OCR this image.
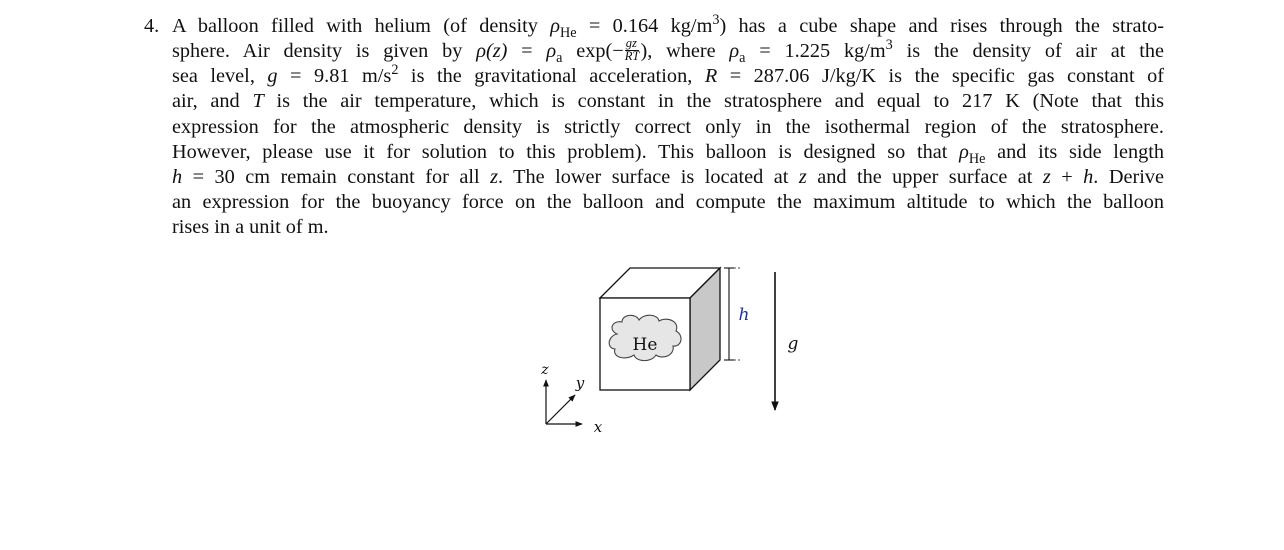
4. A balloon filled with helium (of density $\rho_{He} = 0.164$ $kg/m^3$) has a cube shape and rises through the strato-
sphere. Air density is given by $\rho(z) = \rho_a$ $\exp(- \frac{gz}{RT}$ ), where $\rho_a = 1.225$ $kg/m^3$ is the density of air at the
sea level, g = 9.81 $m/s^2$ is the gravitational acceleration, R = 287.06 J/kg/K is the specific gas constant of
air, and T is the air temperature, which is constant in the stratosphere and equal to 217 K (Note that this
expression for the atmospheric density is strictly correct only in the isothermal region of the stratosphere.
However, please use it for solution to this problem). This balloon is designed so that $\rho_{He}$ and its side length
h = 30 cm remain constant for all z. The lower surface is located at z and the upper surface at z + h. Derive
an expression for the buoyancy force on the balloon and compute the maximum altitude to which the balloon
rises in a unit of m.
He
h
g
z
y
x
